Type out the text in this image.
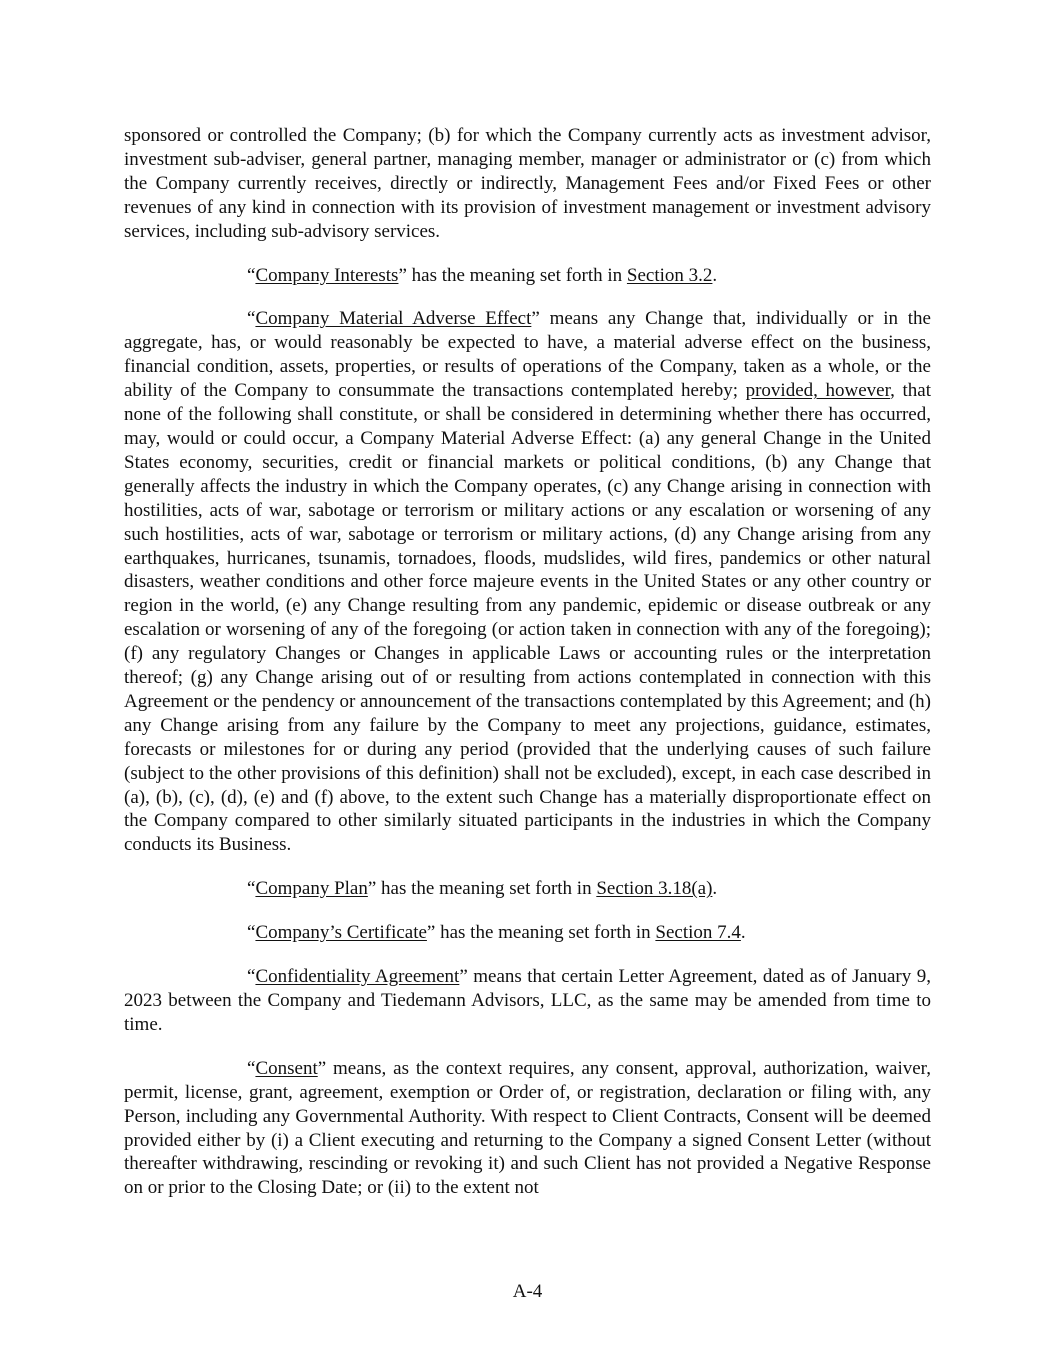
sponsored or controlled the Company; (b) for which the Company currently acts as investment advisor, investment sub-adviser, general partner, managing member, manager or administrator or (c) from which the Company currently receives, directly or indirectly, Management Fees and/or Fixed Fees or other revenues of any kind in connection with its provision of investment management or investment advisory services, including sub-advisory services.

“Company Interests” has the meaning set forth in Section 3.2.

“Company Material Adverse Effect” means any Change that, individually or in the aggregate, has, or would reasonably be expected to have, a material adverse effect on the business, financial condition, assets, properties, or results of operations of the Company, taken as a whole, or the ability of the Company to consummate the transactions contemplated hereby; provided, however, that none of the following shall constitute, or shall be considered in determining whether there has occurred, may, would or could occur, a Company Material Adverse Effect: (a) any general Change in the United States economy, securities, credit or financial markets or political conditions, (b) any Change that generally affects the industry in which the Company operates, (c) any Change arising in connection with hostilities, acts of war, sabotage or terrorism or military actions or any escalation or worsening of any such hostilities, acts of war, sabotage or terrorism or military actions, (d) any Change arising from any earthquakes, hurricanes, tsunamis, tornadoes, floods, mudslides, wild fires, pandemics or other natural disasters, weather conditions and other force majeure events in the United States or any other country or region in the world, (e) any Change resulting from any pandemic, epidemic or disease outbreak or any escalation or worsening of any of the foregoing (or action taken in connection with any of the foregoing); (f) any regulatory Changes or Changes in applicable Laws or accounting rules or the interpretation thereof; (g) any Change arising out of or resulting from actions contemplated in connection with this Agreement or the pendency or announcement of the transactions contemplated by this Agreement; and (h) any Change arising from any failure by the Company to meet any projections, guidance, estimates, forecasts or milestones for or during any period (provided that the underlying causes of such failure (subject to the other provisions of this definition) shall not be excluded), except, in each case described in (a), (b), (c), (d), (e) and (f) above, to the extent such Change has a materially disproportionate effect on the Company compared to other similarly situated participants in the industries in which the Company conducts its Business.

“Company Plan” has the meaning set forth in Section 3.18(a).

“Company’s Certificate” has the meaning set forth in Section 7.4.

“Confidentiality Agreement” means that certain Letter Agreement, dated as of January 9, 2023 between the Company and Tiedemann Advisors, LLC, as the same may be amended from time to time.

“Consent” means, as the context requires, any consent, approval, authorization, waiver, permit, license, grant, agreement, exemption or Order of, or registration, declaration or filing with, any Person, including any Governmental Authority. With respect to Client Contracts, Consent will be deemed provided either by (i) a Client executing and returning to the Company a signed Consent Letter (without thereafter withdrawing, rescinding or revoking it) and such Client has not provided a Negative Response on or prior to the Closing Date; or (ii) to the extent not

A-4
